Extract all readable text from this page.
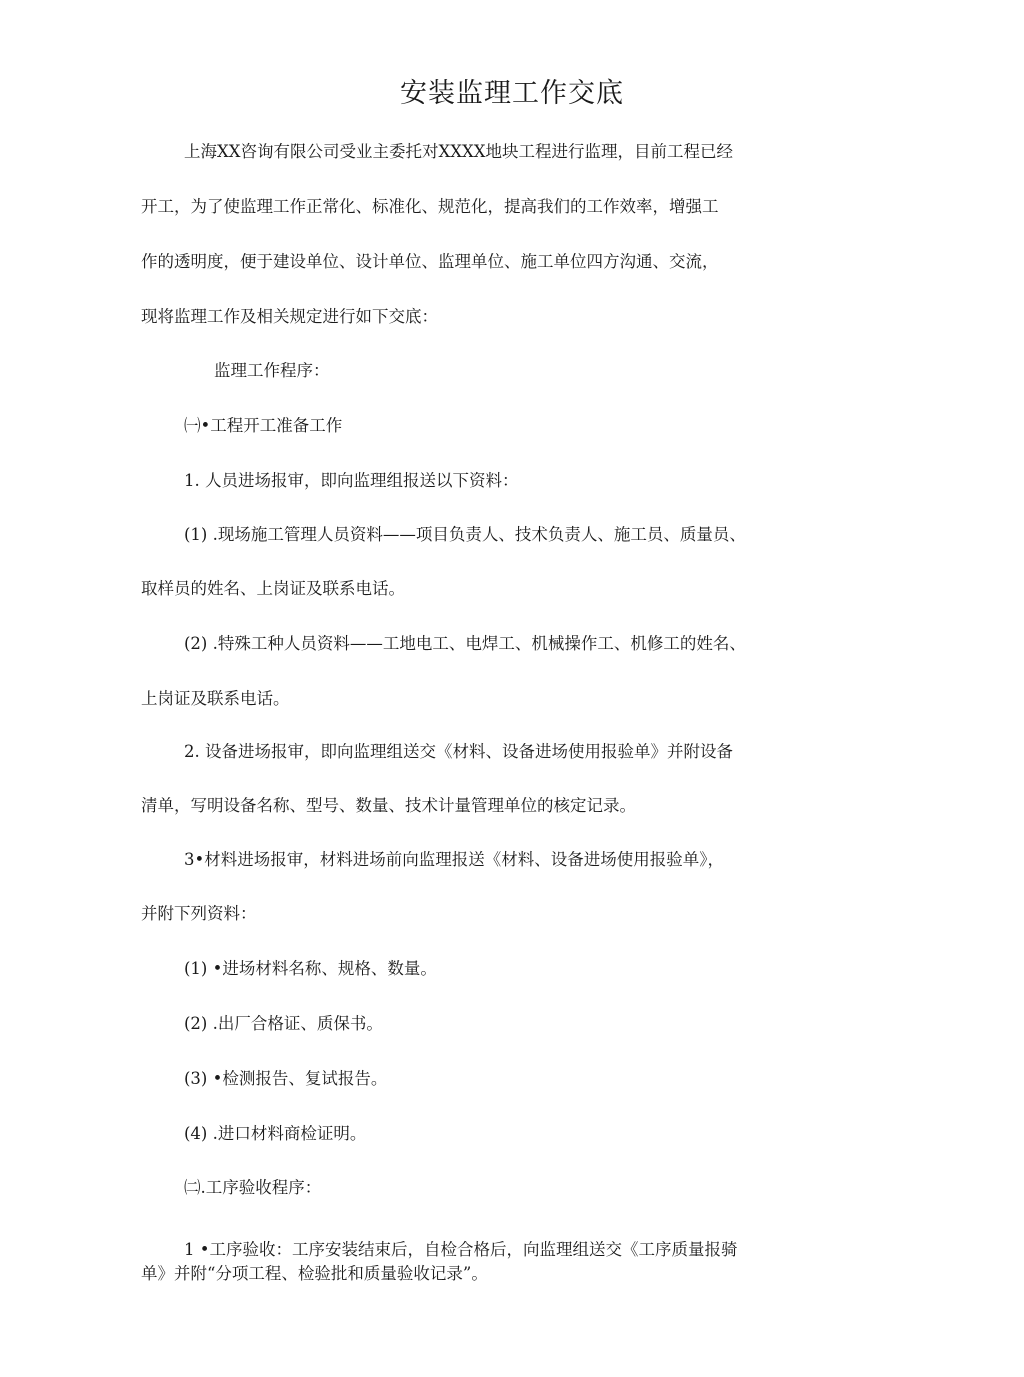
安装监理工作交底
上海XX咨询有限公司受业主委托对XXXX地块工程进行监理，目前工程已经
开工，为了使监理工作正常化、标准化、规范化，提高我们的工作效率，增强工
作的透明度，便于建设单位、设计单位、监理单位、施工单位四方沟通、交流，
现将监理工作及相关规定进行如下交底：
监理工作程序：
㈠•工程开工准备工作
1. 人员进场报审，即向监理组报送以下资料：
(1) .现场施工管理人员资料——项目负责人、技术负责人、施工员、质量员、
取样员的姓名、上岗证及联系电话。
(2) .特殊工种人员资料——工地电工、电焊工、机械操作工、机修工的姓名、
上岗证及联系电话。
2. 设备进场报审，即向监理组送交《材料、设备进场使用报验单》并附设备
清单，写明设备名称、型号、数量、技术计量管理单位的核定记录。
3•材料进场报审，材料进场前向监理报送《材料、设备进场使用报验单》，
并附下列资料：
(1) •进场材料名称、规格、数量。
(2) .出厂合格证、质保书。
(3) •检测报告、复试报告。
(4) .进口材料商检证明。
㈡.工序验收程序：
1 •工序验收：工序安装结束后，自检合格后，向监理组送交《工序质量报骑
单》并附“分项工程、检验批和质量验收记录”。
